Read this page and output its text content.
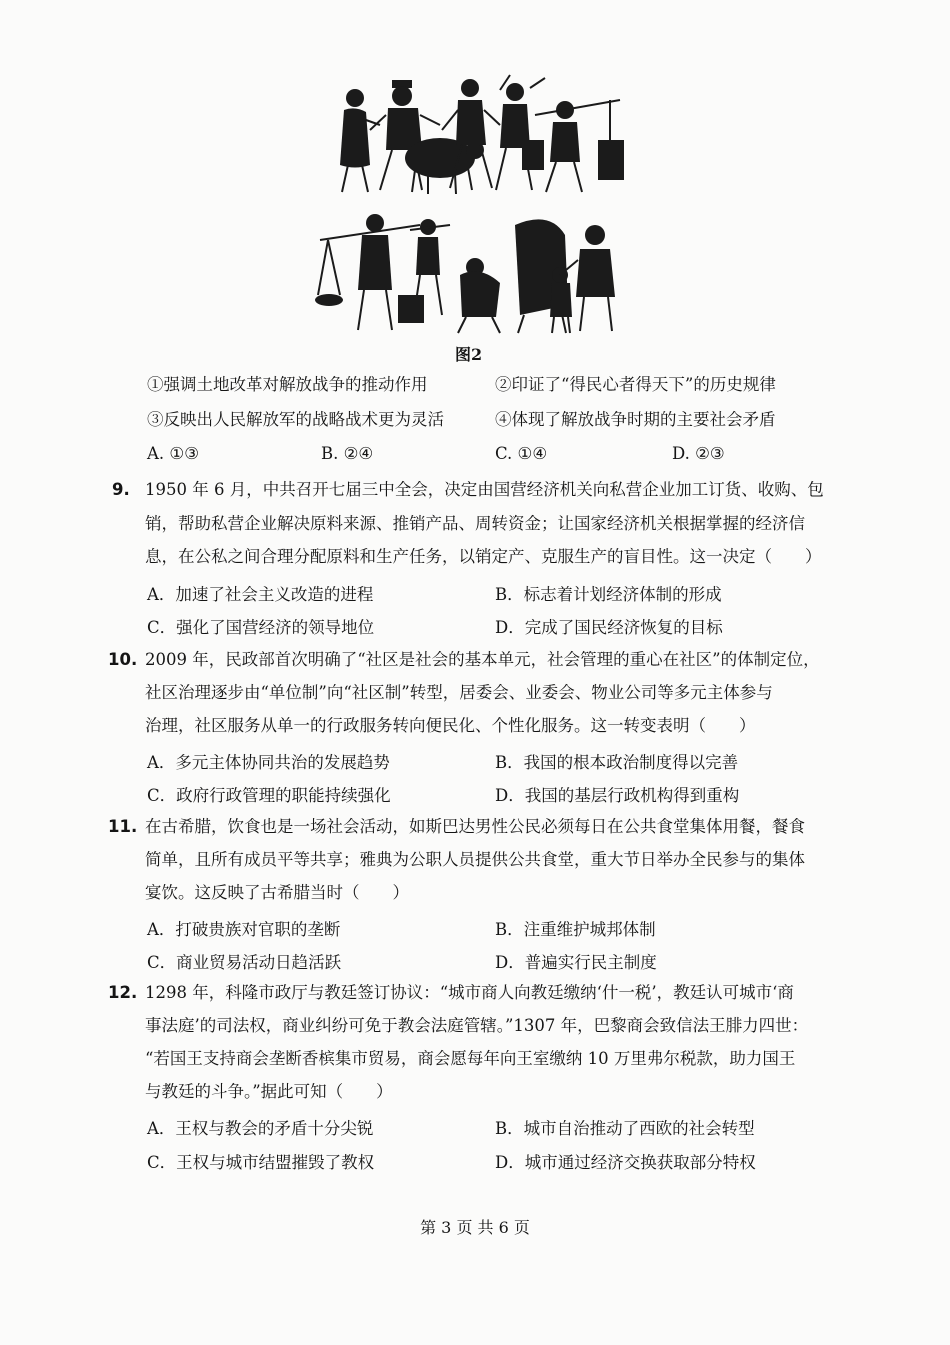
图2
①强调土地改革对解放战争的推动作用	②印证了“得民心者得天下”的历史规律
③反映出人民解放军的战略战术更为灵活	④体现了解放战争时期的主要社会矛盾
A. ①③	B. ②④	C. ①④	D. ②③
9. 1950 年 6 月，中共召开七届三中全会，决定由国营经济机关向私营企业加工订货、收购、包
销，帮助私营企业解决原料来源、推销产品、周转资金；让国家经济机关根据掌握的经济信
息，在公私之间合理分配原料和生产任务，以销定产、克服生产的盲目性。这一决定（　　）
A．加速了社会主义改造的进程	B．标志着计划经济体制的形成
C．强化了国营经济的领导地位	D．完成了国民经济恢复的目标
10. 2009 年，民政部首次明确了“社区是社会的基本单元，社会管理的重心在社区”的体制定位，
社区治理逐步由“单位制”向“社区制”转型，居委会、业委会、物业公司等多元主体参与
治理，社区服务从单一的行政服务转向便民化、个性化服务。这一转变表明（　　）
A．多元主体协同共治的发展趋势	B．我国的根本政治制度得以完善
C．政府行政管理的职能持续强化	D．我国的基层行政机构得到重构
11. 在古希腊，饮食也是一场社会活动，如斯巴达男性公民必须每日在公共食堂集体用餐，餐食
简单，且所有成员平等共享；雅典为公职人员提供公共食堂，重大节日举办全民参与的集体
宴饮。这反映了古希腊当时（　　）
A．打破贵族对官职的垄断	B．注重维护城邦体制
C．商业贸易活动日趋活跃	D．普遍实行民主制度
12. 1298 年，科隆市政厅与教廷签订协议：“城市商人向教廷缴纳‘什一税’，教廷认可城市‘商
事法庭’的司法权，商业纠纷可免于教会法庭管辖。”1307 年，巴黎商会致信法王腓力四世：
“若国王支持商会垄断香槟集市贸易，商会愿每年向王室缴纳 10 万里弗尔税款，助力国王
与教廷的斗争。”据此可知（　　）
A．王权与教会的矛盾十分尖锐	B．城市自治推动了西欧的社会转型
C．王权与城市结盟摧毁了教权	D．城市通过经济交换获取部分特权
第 3 页 共 6 页
